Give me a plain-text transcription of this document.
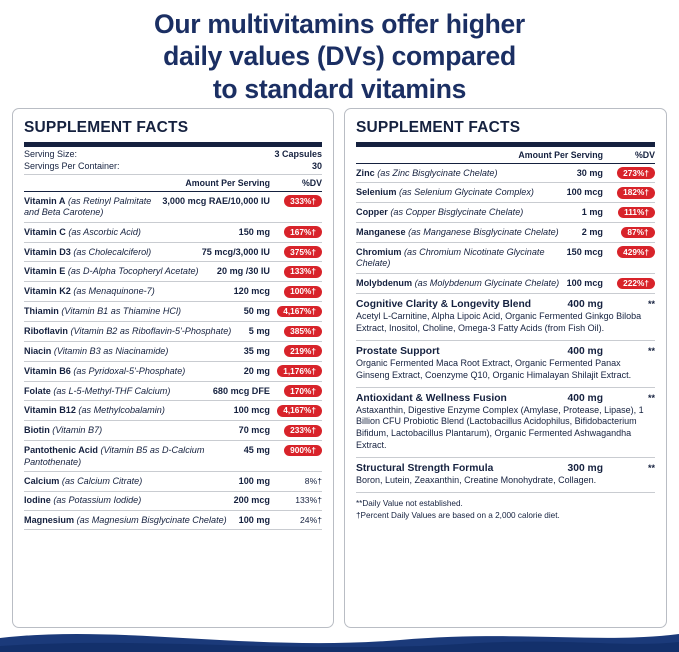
Our multivitamins offer higher
daily values (DVs) compared
to standard vitamins
SUPPLEMENT FACTS
Serving Size:	3 Capsules
Servings Per Container:	30
Amount Per Serving	%DV
Vitamin A (as Retinyl Palmitate and Beta Carotene)
3,000 mcg RAE/10,000 IU	333%†
Vitamin C (as Ascorbic Acid)	150 mg	167%†
Vitamin D3 (as Cholecalciferol)	75 mcg/3,000 IU	375%†
Vitamin E (as D-Alpha Tocopheryl Acetate)	20 mg /30 IU	133%†
Vitamin K2 (as Menaquinone-7)	120 mcg	100%†
Thiamin (Vitamin B1 as Thiamine HCl)	50 mg	4,167%†
Riboflavin (Vitamin B2 as Riboflavin-5'-Phosphate)	5 mg	385%†
Niacin (Vitamin B3 as Niacinamide)	35 mg	219%†
Vitamin B6 (as Pyridoxal-5'-Phosphate)	20 mg	1,176%†
Folate (as L-5-Methyl-THF Calcium)	680 mcg DFE	170%†
Vitamin B12 (as Methylcobalamin)	100 mcg	4,167%†
Biotin (Vitamin B7)	70 mcg	233%†
Pantothenic Acid (Vitamin B5 as D-Calcium Pantothenate)
45 mg	900%†
Calcium (as Calcium Citrate)	100 mg	8%†
Iodine (as Potassium Iodide)	200 mcg	133%†
Magnesium (as Magnesium Bisglycinate Chelate)	100 mg	24%†
SUPPLEMENT FACTS
Amount Per Serving	%DV
Zinc (as Zinc Bisglycinate Chelate)	30 mg	273%†
Selenium (as Selenium Glycinate Complex)	100 mcg	182%†
Copper (as Copper Bisglycinate Chelate)	1 mg	111%†
Manganese (as Manganese Bisglycinate Chelate)	2 mg	87%†
Chromium (as Chromium Nicotinate Glycinate Chelate)
150 mcg	429%†
Molybdenum (as Molybdenum Glycinate Chelate) 100 mcg	222%†
Cognitive Clarity & Longevity Blend	400 mg	**
Acetyl L-Carnitine, Alpha Lipoic Acid, Organic Fermented Ginkgo Biloba Extract, Inositol, Choline, Omega-3 Fatty Acids (from Fish Oil).
Prostate Support	400 mg	**
Organic Fermented Maca Root Extract, Organic Fermented Panax Ginseng Extract, Coenzyme Q10, Organic Himalayan Shilajit Extract.
Antioxidant & Wellness Fusion	400 mg	**
Astaxanthin, Digestive Enzyme Complex (Amylase, Protease, Lipase), 1 Billion CFU Probiotic Blend (Lactobacillus Acidophilus, Bifidobacterium Bifidum, Lactobacillus Plantarum), Organic Fermented Ashwagandha Extract.
Structural Strength Formula	300 mg	**
Boron, Lutein, Zeaxanthin, Creatine Monohydrate, Collagen.
**Daily Value not established.
†Percent Daily Values are based on a 2,000 calorie diet.
